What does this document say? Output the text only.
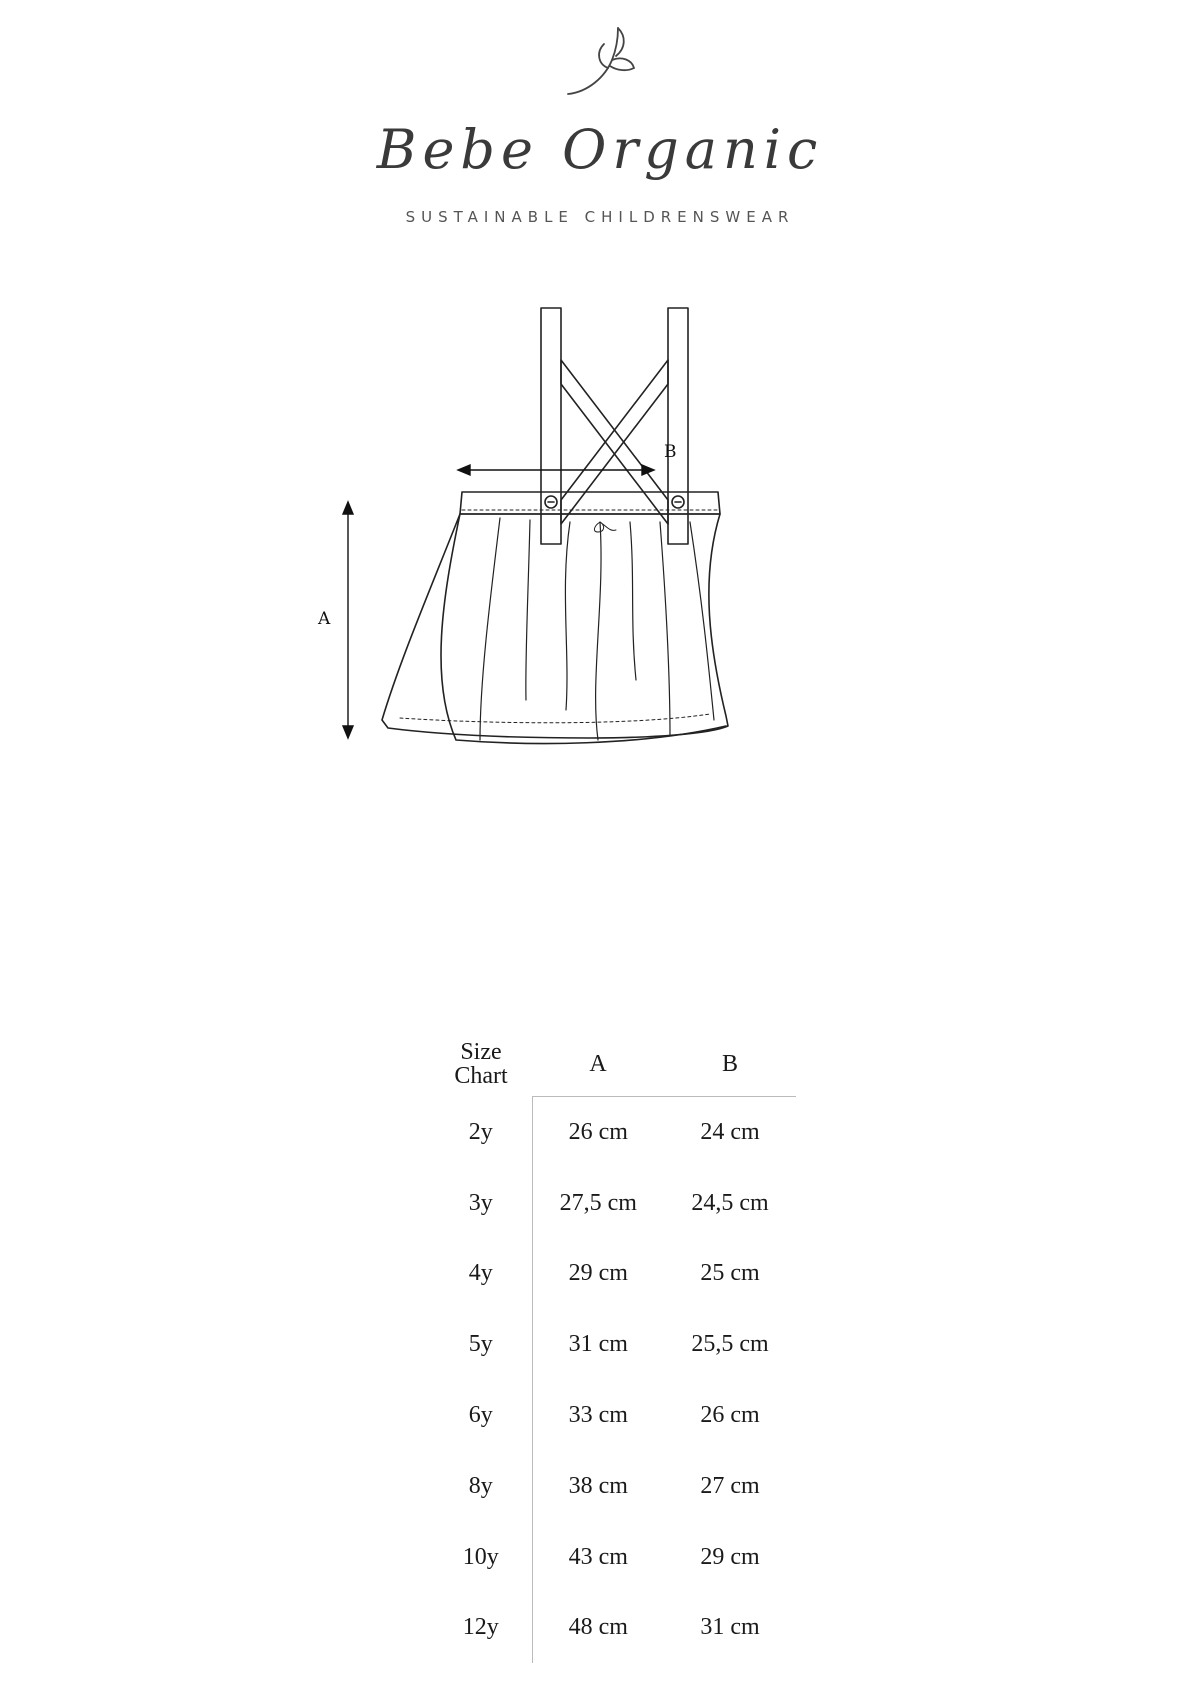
Bebe Organic
SUSTAINABLE CHILDRENSWEAR
B
A
Size
Chart	A	B
2y	26 cm	24 cm
3y	27,5 cm	24,5 cm
4y	29 cm	25 cm
5y	31 cm	25,5 cm
6y	33 cm	26 cm
8y	38 cm	27 cm
10y	43 cm	29 cm
12y	48 cm	31 cm
